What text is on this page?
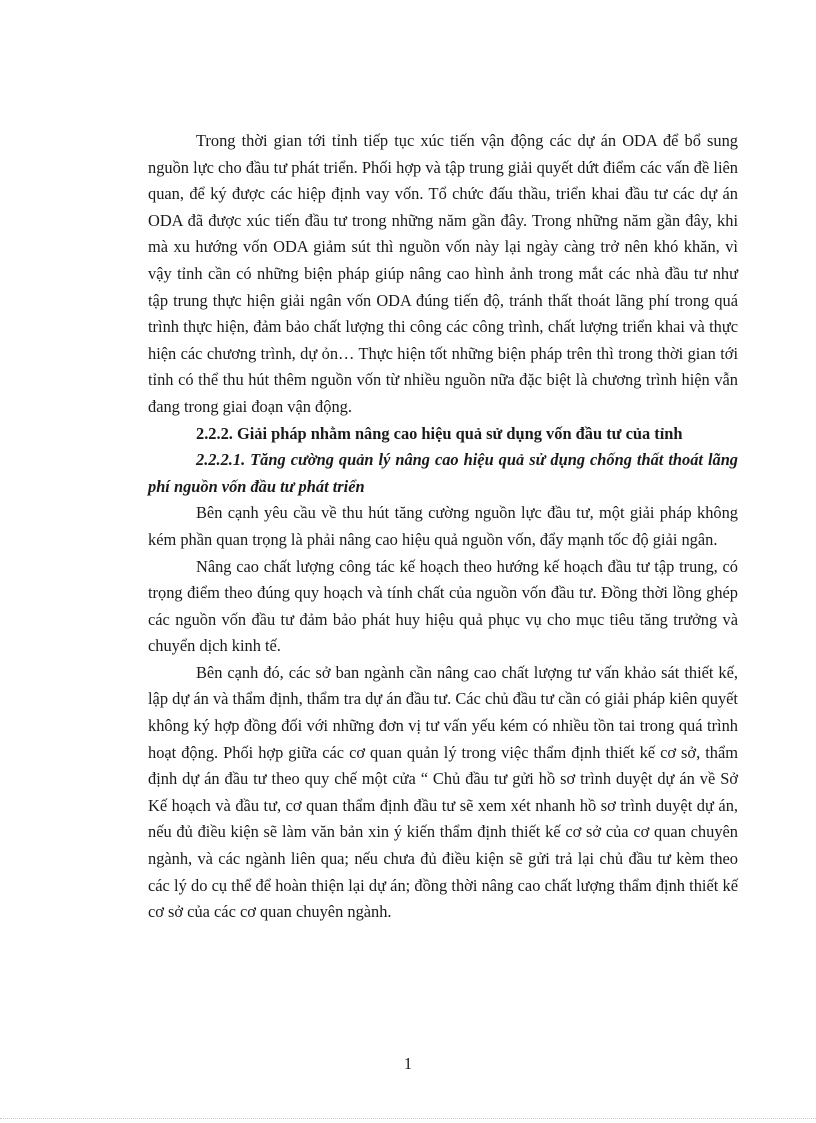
Trong thời gian tới tỉnh tiếp tục xúc tiến vận động các dự án ODA để bổ sung nguồn lực cho đầu tư phát triển. Phối hợp và tập trung giải quyết dứt điểm các vấn đề liên quan, để ký được các hiệp định vay vốn. Tổ chức đấu thầu, triển khai đầu tư các dự án ODA đã được xúc tiến đầu tư trong những năm gần đây. Trong những năm gần đây, khi mà xu hướng vốn ODA giảm sút thì nguồn vốn này lại ngày càng trở nên khó khăn, vì vậy tỉnh cần có những biện pháp giúp nâng cao hình ảnh trong mắt các nhà đầu tư như tập trung thực hiện giải ngân vốn ODA đúng tiến độ, tránh thất thoát lãng phí trong quá trình thực hiện, đảm bảo chất lượng thi công các công trình, chất lượng triển khai và thực hiện các chương trình, dự ỏn… Thực hiện tốt những biện pháp trên thì trong thời gian tới tỉnh có thể thu hút thêm nguồn vốn từ nhiều nguồn nữa đặc biệt là chương trình hiện vẫn đang trong giai đoạn vận động.

2.2.2. Giải pháp nhằm nâng cao hiệu quả sử dụng vốn đầu tư của tỉnh

2.2.2.1. Tăng cường quản lý nâng cao hiệu quả sử dụng chống thất thoát lãng phí nguồn vốn đầu tư phát triển

Bên cạnh yêu cầu về thu hút tăng cường nguồn lực đầu tư, một giải pháp không kém phần quan trọng là phải nâng cao hiệu quả nguồn vốn, đẩy mạnh tốc độ giải ngân.

Nâng cao chất lượng công tác kế hoạch theo hướng kế hoạch đầu tư tập trung, có trọng điểm theo đúng quy hoạch và tính chất của nguồn vốn đầu tư. Đồng thời lồng ghép các nguồn vốn đầu tư đảm bảo phát huy hiệu quả phục vụ cho mục tiêu tăng trưởng và chuyển dịch kinh tế.

Bên cạnh đó, các sở ban ngành cần nâng cao chất lượng tư vấn khảo sát thiết kế, lập dự án và thẩm định, thẩm tra dự án đầu tư. Các chủ đầu tư cần có giải pháp kiên quyết không ký hợp đồng đối với những đơn vị tư vấn yếu kém có nhiều tồn tai trong quá trình hoạt động. Phối hợp giữa các cơ quan quản lý trong việc thẩm định thiết kế cơ sở, thẩm định dự án đầu tư theo quy chế một cửa “ Chủ đầu tư gửi hồ sơ trình duyệt dự án về Sở Kế hoạch và đầu tư, cơ quan thẩm định đầu tư sẽ xem xét nhanh hồ sơ trình duyệt dự án, nếu đủ điều kiện sẽ làm văn bản xin ý kiến thẩm định thiết kế cơ sở của cơ quan chuyên ngành, và các ngành liên qua; nếu chưa đủ điều kiện sẽ gửi trả lại chủ đầu tư kèm theo các lý do cụ thể để hoàn thiện lại dự án; đồng thời nâng cao chất lượng thẩm định thiết kế cơ sở của các cơ quan chuyên ngành.

1
